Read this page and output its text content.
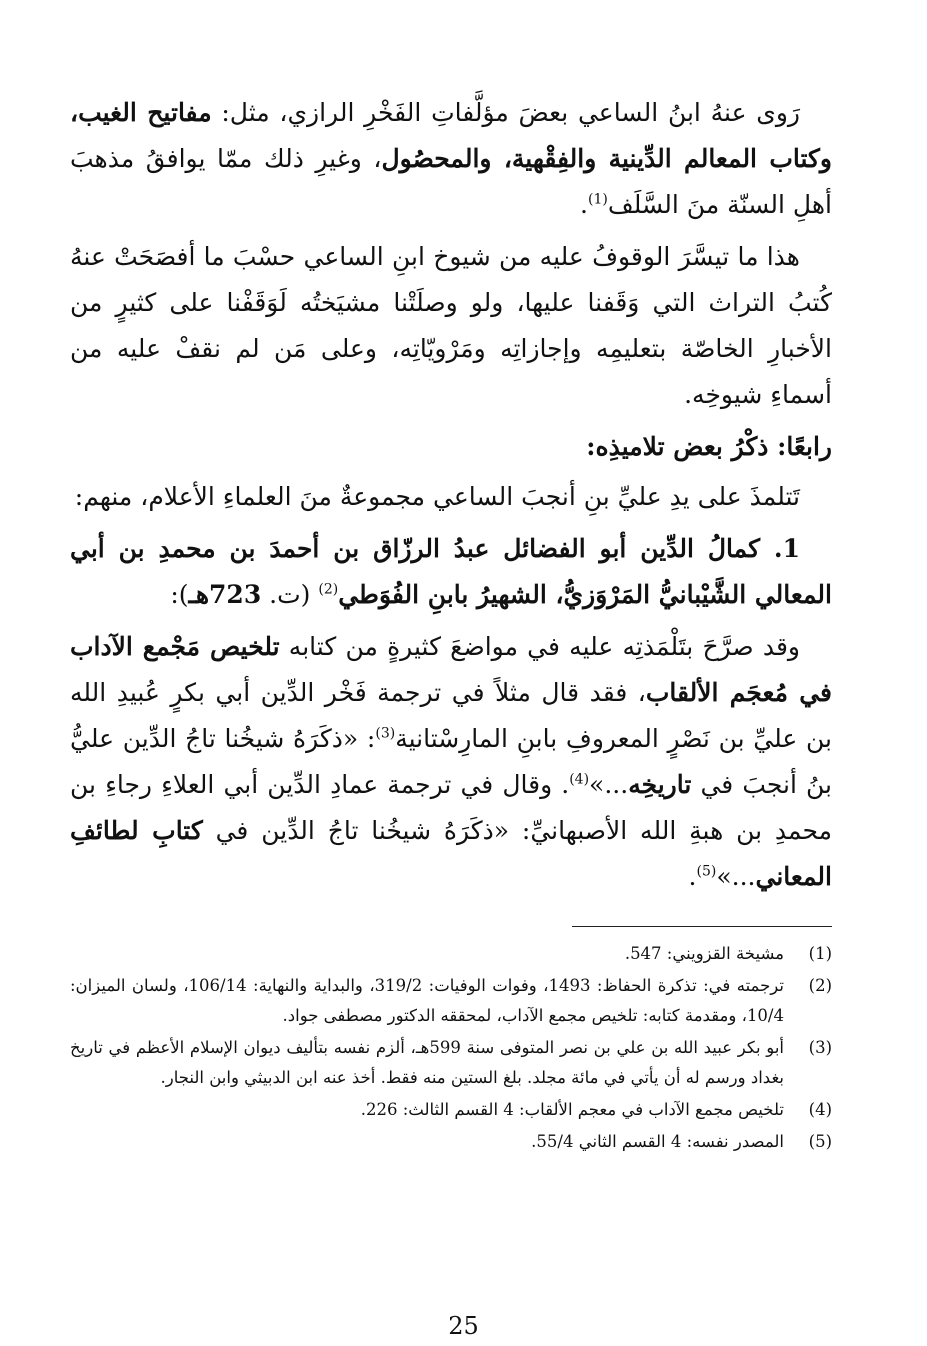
رَوى عنهُ ابنُ الساعي بعضَ مؤلَّفاتِ الفَخْرِ الرازي، مثل: مفاتيح الغيب، وكتاب المعالم الدِّينية والفِقْهية، والمحصُول، وغيرِ ذلك ممّا يوافقُ مذهبَ أهلِ السنّة منَ السَّلَف$^{(1)}$.

هذا ما تيسَّرَ الوقوفُ عليه من شيوخ ابنِ الساعي حسْبَ ما أفصَحَتْ عنهُ كُتبُ التراث التي وَقَفنا عليها، ولو وصلَتْنا مشيَختُه لَوَقَفْنا على كثيرٍ من الأخبارِ الخاصّة بتعليمِه وإجازاتِه ومَرْويّاتِه، وعلى مَن لم نقفْ عليه من أسماءِ شيوخِه.

رابعًا: ذكْرُ بعض تلاميذِه:

تَتلمذَ على يدِ عليِّ بنِ أنجبَ الساعي مجموعةٌ منَ العلماءِ الأعلام، منهم:

1. كمالُ الدِّين أبو الفضائل عبدُ الرزّاق بن أحمدَ بن محمدِ بن أبي المعالي الشَّيْبانيُّ المَرْوَزيُّ، الشهيرُ بابنِ الفُوَطي$^{(2)}$ (ت. 723هـ):

وقد صرَّحَ بتَلْمَذتِه عليه في مواضعَ كثيرةٍ من كتابه تلخيص مَجْمع الآداب في مُعجَم الألقاب، فقد قال مثلاً في ترجمة فَخْر الدِّين أبي بكرٍ عُبيدِ الله بن عليِّ بن نَصْرٍ المعروفِ بابنِ المارِسْتانية$^{(3)}$: «ذكَرَهُ شيخُنا تاجُ الدِّين عليُّ بنُ أنجبَ في تاريخِه...»$^{(4)}$. وقال في ترجمة عمادِ الدِّين أبي العلاءِ رجاءِ بن محمدِ بن هبةِ الله الأصبهانيِّ: «ذكَرَهُ شيخُنا تاجُ الدِّين في كتابِ لطائفِ المعاني...»$^{(5)}$.

(1)
مشيخة القزويني: 547.
(2)
ترجمته في: تذكرة الحفاظ: 1493، وفوات الوفيات: 319/2، والبداية والنهاية: 106/14، ولسان الميزان: 10/4، ومقدمة كتابه: تلخيص مجمع الآداب، لمحققه الدكتور مصطفى جواد.
(3)
أبو بكر عبيد الله بن علي بن نصر المتوفى سنة 599هـ، ألزم نفسه بتأليف ديوان الإسلام الأعظم في تاريخ بغداد ورسم له أن يأتي في مائة مجلد. بلغ الستين منه فقط. أخذ عنه ابن الدبيثي وابن النجار.
(4)
تلخيص مجمع الآداب في معجم الألقاب: 4 القسم الثالث: 226.
(5)
المصدر نفسه: 4 القسم الثاني 55/4.
25
